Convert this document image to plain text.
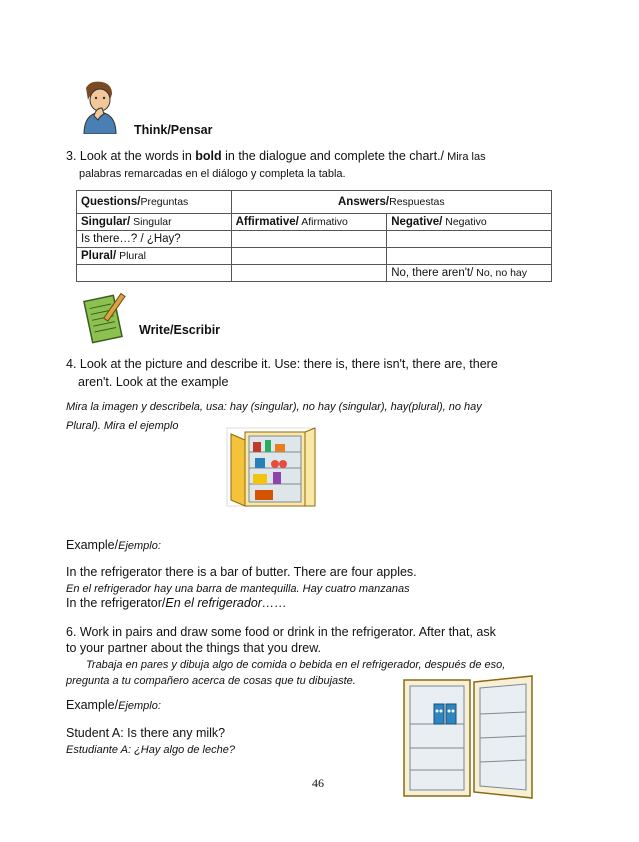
Think/Pensar
3. Look at the words in bold in the dialogue and complete the chart./ Mira las
palabras remarcadas en el diálogo y completa la tabla.
Questions/Preguntas	Answers/Respuestas	
Singular/ Singular	Affirmative/ Afirmativo	Negative/ Negativo
Is there…? / ¿Hay?		
Plural/ Plural		
		No, there aren't/ No, no hay
Write/Escribir
4. Look at the picture and describe it. Use: there is, there isn't, there are, there
aren't. Look at the example
Mira la imagen y describela, usa: hay (singular), no hay (singular), hay(plural), no hay
Plural). Mira el ejemplo
Example/Ejemplo:
In the refrigerator there is a bar of butter. There are four apples.
En el refrigerador hay una barra de mantequilla. Hay cuatro manzanas
In the refrigerator/En el refrigerador……
6. Work in pairs and draw some food or drink in the refrigerator. After that, ask
to your partner about the things that you drew.
Trabaja en pares y dibuja algo de comida o bebida en el refrigerador, después de eso,
pregunta a tu compañero acerca de cosas que tu dibujaste.
Example/Ejemplo:
Student A: Is there any milk?
Estudiante A: ¿Hay algo de leche?
46
